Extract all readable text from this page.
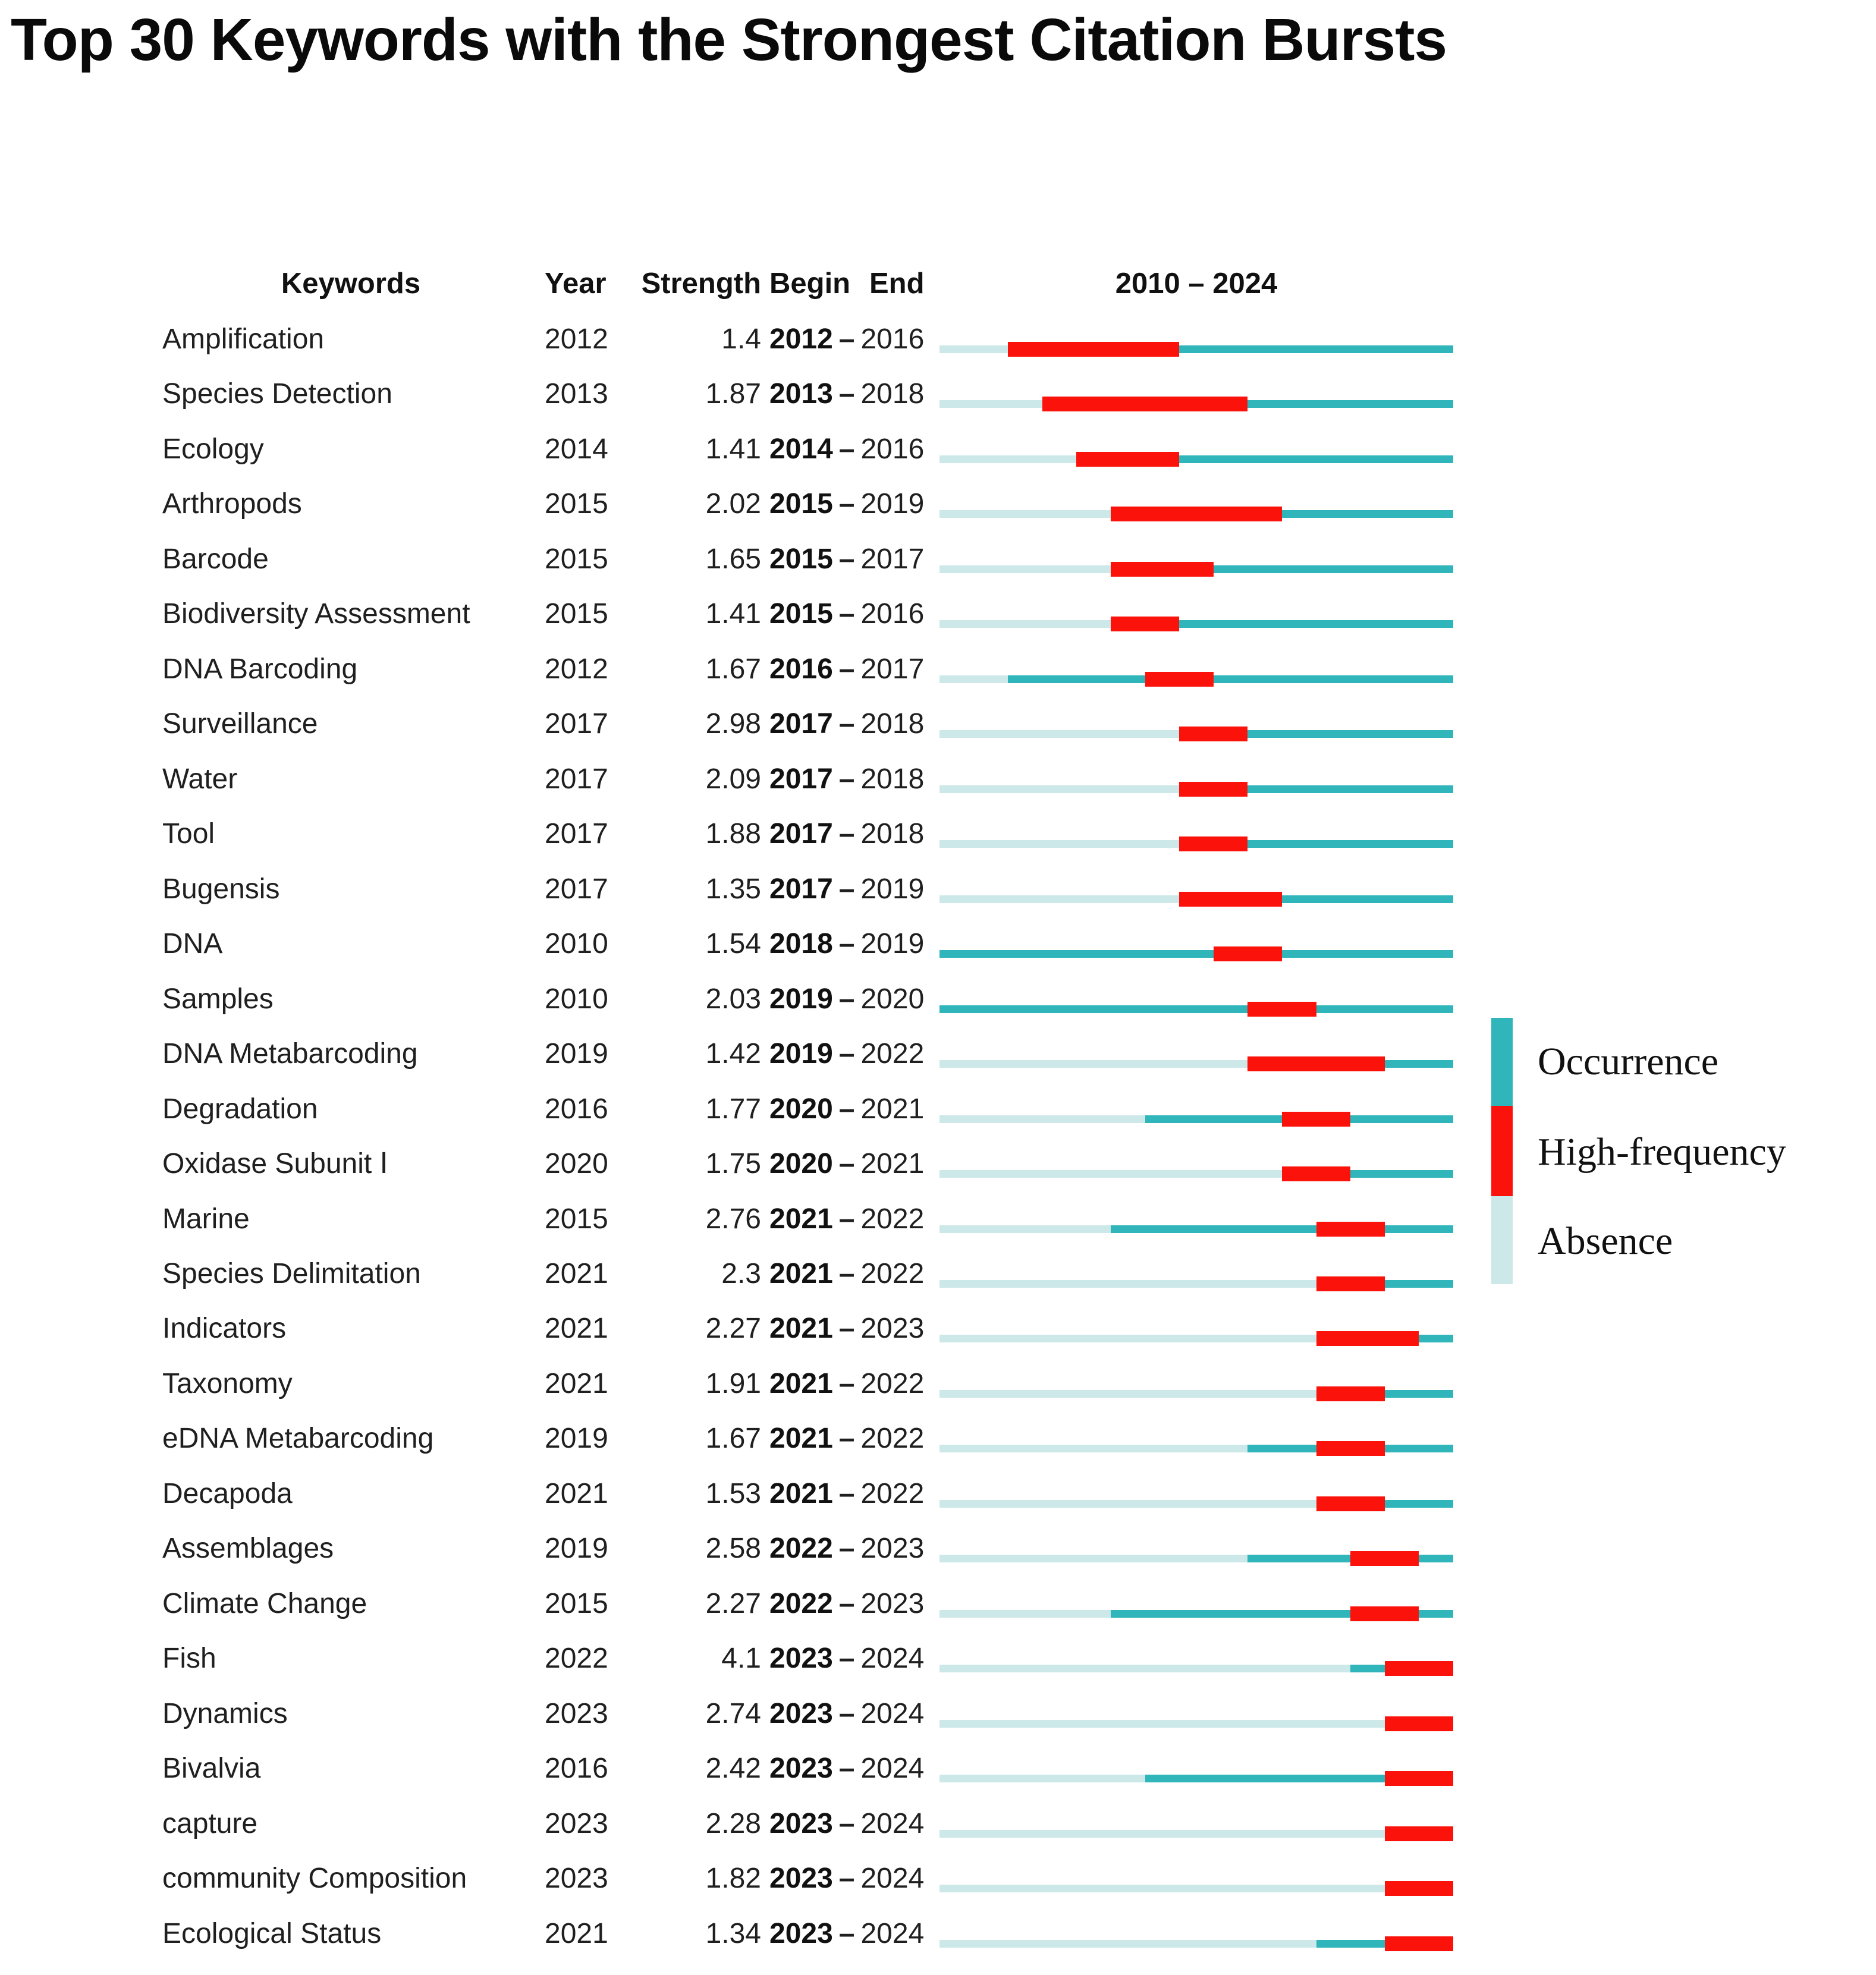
Top 30 Keywords with the Strongest Citation Bursts
Keywords	Year	Strength Begin End	2010 – 2024
Amplification	2012	1.4 2012 – 2016
Species Detection	2013	1.87 2013 – 2018
Ecology	2014	1.41 2014 – 2016
Arthropods	2015	2.02 2015 – 2019
Barcode	2015	1.65 2015 – 2017
Biodiversity Assessment	2015	1.41 2015 – 2016
DNA Barcoding	2012	1.67 2016 – 2017
Surveillance	2017	2.98 2017 – 2018
Water	2017	2.09 2017 – 2018
Tool	2017	1.88 2017 – 2018
Bugensis	2017	1.35 2017 – 2019
DNA	2010	1.54 2018 – 2019
Samples	2010	2.03 2019 – 2020
DNA Metabarcoding	2019	1.42 2019 – 2022
Degradation	2016	1.77 2020 – 2021
Oxidase Subunit Ⅰ	2020	1.75 2020 – 2021
Marine	2015	2.76 2021 – 2022
Species Delimitation	2021	2.3 2021 – 2022
Indicators	2021	2.27 2021 – 2023
Taxonomy	2021	1.91 2021 – 2022
eDNA Metabarcoding	2019	1.67 2021 – 2022
Decapoda	2021	1.53 2021 – 2022
Assemblages	2019	2.58 2022 – 2023
Climate Change	2015	2.27 2022 – 2023
Fish	2022	4.1 2023 – 2024
Dynamics	2023	2.74 2023 – 2024
Bivalvia	2016	2.42 2023 – 2024
capture	2023	2.28 2023 – 2024
community Composition	2023	1.82 2023 – 2024
Ecological Status	2021	1.34 2023 – 2024
Occurrence
High-frequency
Absence
